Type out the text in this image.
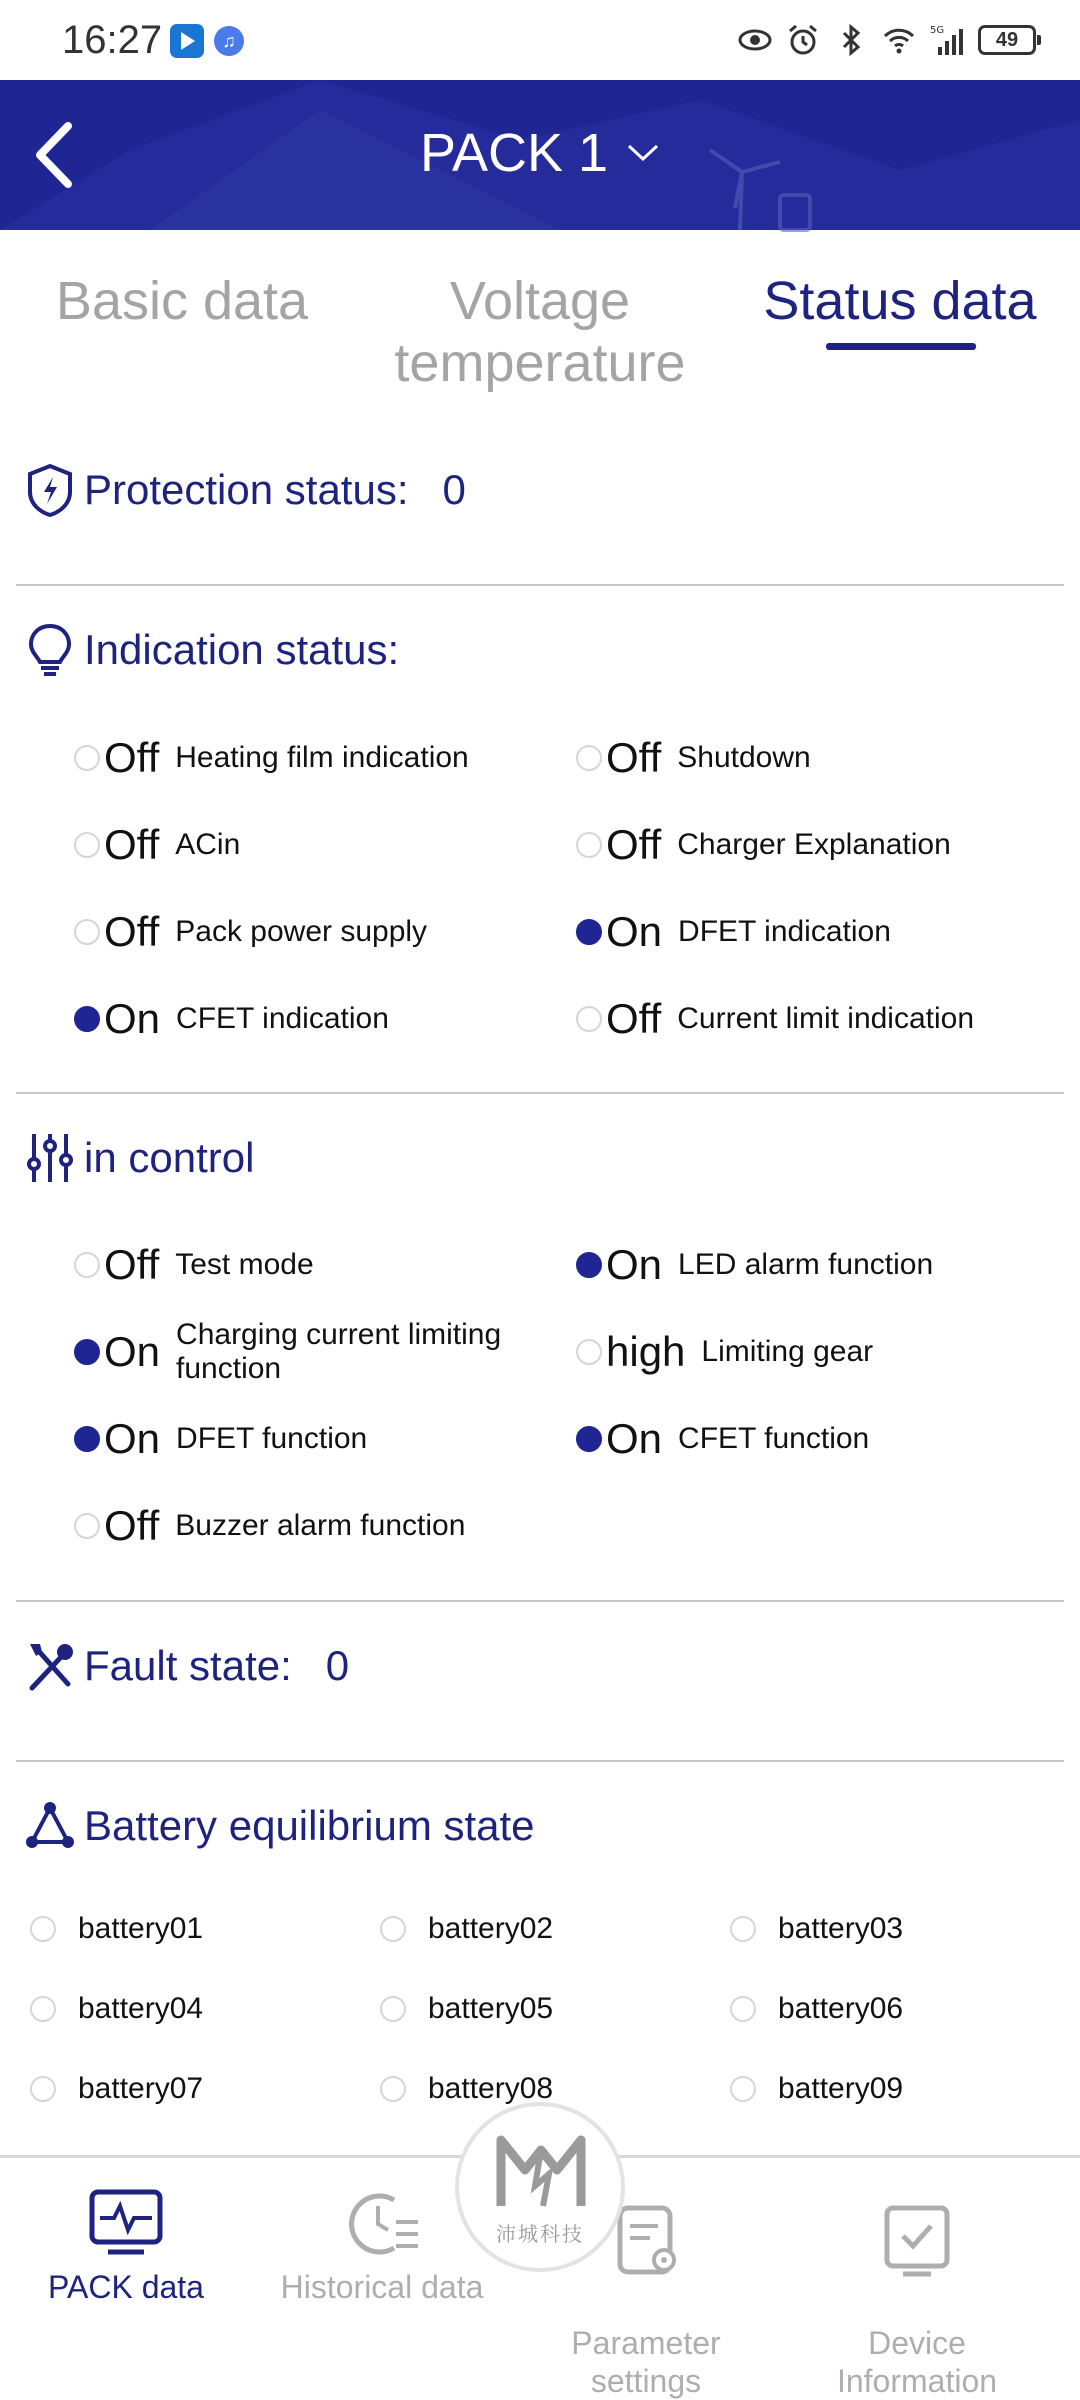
16:27	♫
5G	49
PACK 1
Basic data	Voltage
temperature
Status data
Protection status: 0
Indication status:
Off Heating film indication	Off Shutdown
Off ACin	Off Charger Explanation
Off Pack power supply	On DFET indication
On CFET indication	Off Current limit indication
in control
Off Test mode	On LED alarm function
On Charging current limiting function	high Limiting gear
On DFET function	On CFET function
Off Buzzer alarm function
Fault state: 0
Battery equilibrium state
battery01	battery02	battery03
battery04	battery05	battery06
battery07	battery08	battery09
PACK data	Historical data

Parameter
settings

Device
Information

沛城科技
